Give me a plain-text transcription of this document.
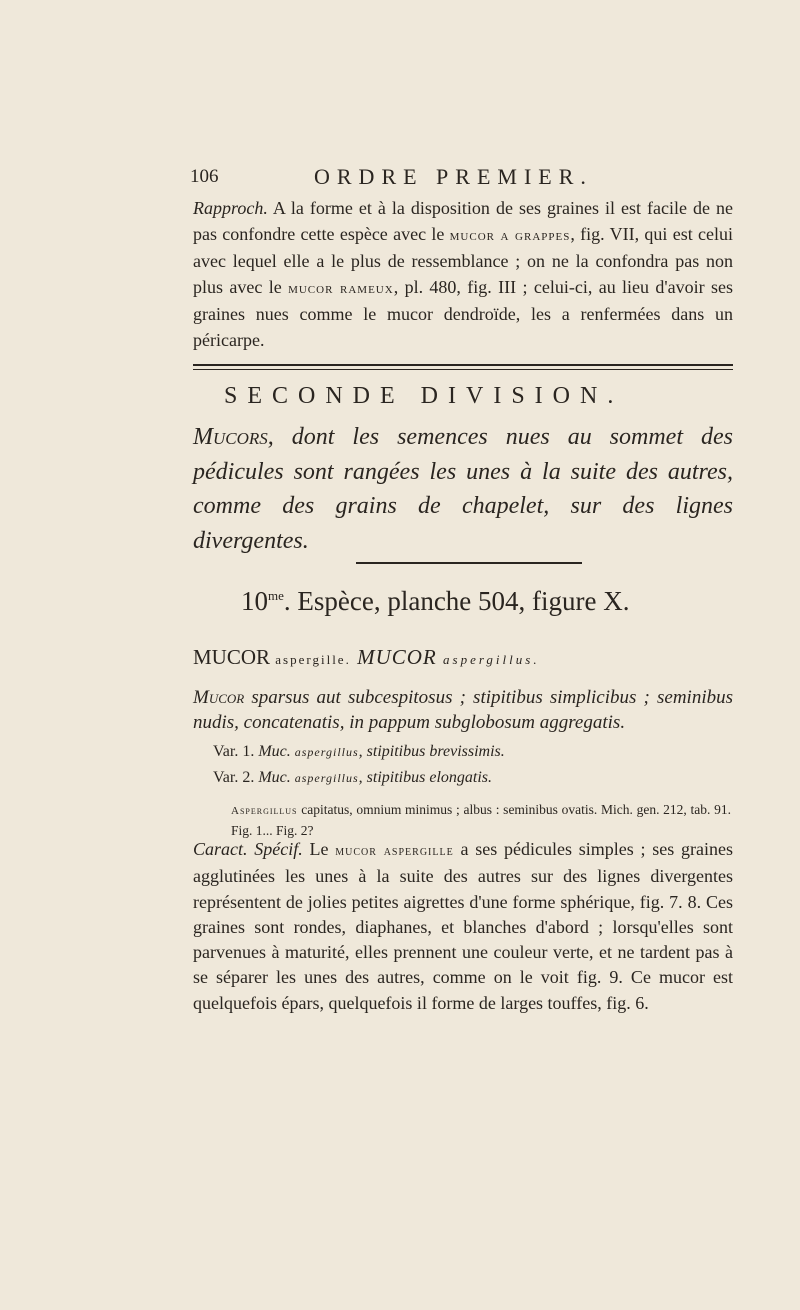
106	ORDRE PREMIER.

Rapproch. A la forme et à la disposition de ses graines il est facile de ne pas confondre cette espèce avec le mucor a grappes, fig. VII, qui est celui avec lequel elle a le plus de ressemblance ; on ne la confondra pas non plus avec le mucor rameux, pl. 480, fig. III ; celui-ci, au lieu d'avoir ses graines nues comme le mucor dendroïde, les a renfermées dans un péricarpe.

SECONDE DIVISION.

Mucors, dont les semences nues au sommet des pédicules sont rangées les unes à la suite des autres, comme des grains de chapelet, sur des lignes divergentes.

$10^{me}$. Espèce, planche 504, figure X.
MUCOR aspergille. MUCOR aspergillus.

Mucor sparsus aut subcespitosus ; stipitibus simplicibus ; seminibus nudis, concatenatis, in pappum subglobosum aggregatis.

Var. 1. Muc. aspergillus, stipitibus brevissimis.
Var. 2. Muc. aspergillus, stipitibus elongatis.

Aspergillus capitatus, omnium minimus ; albus : seminibus ovatis. Mich. gen. 212, tab. 91. Fig. 1... Fig. 2?

Caract. Spécif. Le mucor aspergille a ses pédicules simples ; ses graines agglutinées les unes à la suite des autres sur des lignes divergentes représentent de jolies petites aigrettes d'une forme sphérique, fig. 7. 8. Ces graines sont rondes, diaphanes, et blanches d'abord ; lorsqu'elles sont parvenues à maturité, elles prennent une couleur verte, et ne tardent pas à se séparer les unes des autres, comme on le voit fig. 9. Ce mucor est quelquefois épars, quelquefois il forme de larges touffes, fig. 6.
